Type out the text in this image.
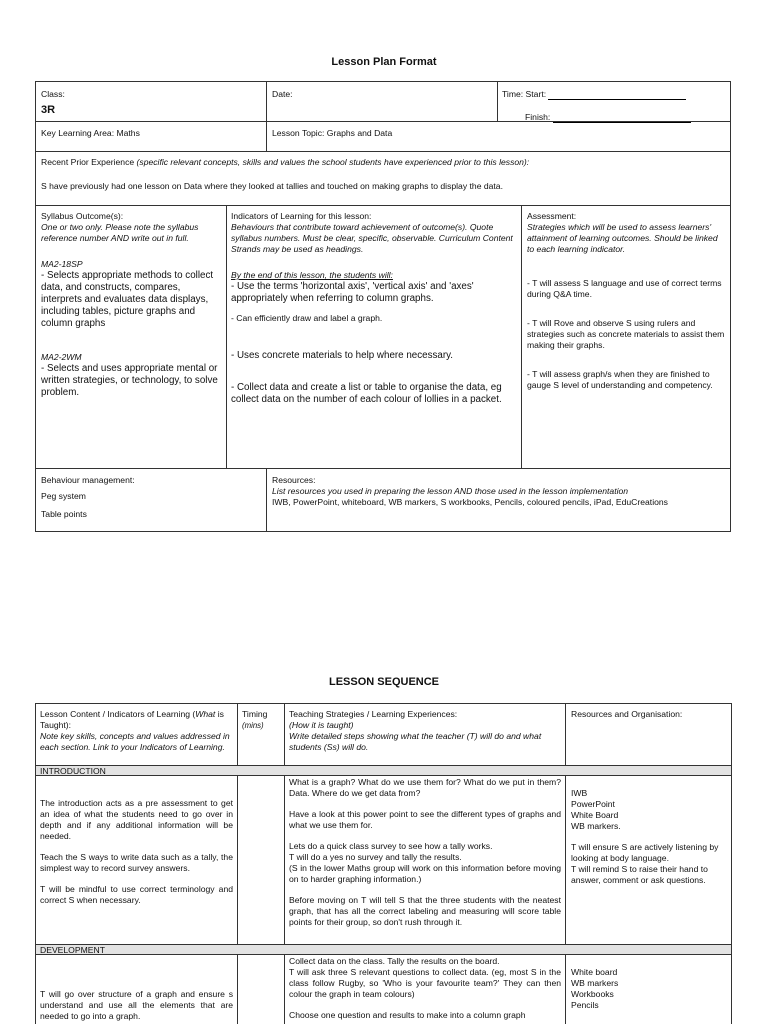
Lesson Plan Format
Class:
3R
Date:	Time: Start:
Finish:
Key Learning Area: Maths	Lesson Topic: Graphs and Data
Recent Prior Experience (specific relevant concepts, skills and values the school students have experienced prior to this lesson):
S have previously had one lesson on Data where they looked at tallies and touched on making graphs to display the data.
Syllabus Outcome(s):
One or two only. Please note the syllabus reference number AND write out in full.
MA2-18SP
- Selects appropriate methods to collect data, and constructs, compares, interprets and evaluates data displays, including tables, picture graphs and column graphs
MA2-2WM
- Selects and uses appropriate mental or written strategies, or technology, to solve problem.
Indicators of Learning for this lesson:
Behaviours that contribute toward achievement of outcome(s). Quote syllabus numbers. Must be clear, specific, observable. Curriculum Content Strands may be used as headings.
By the end of this lesson, the students will:
- Use the terms 'horizontal axis', 'vertical axis' and 'axes' appropriately when referring to column graphs.
- Can efficiently draw and label a graph.
- Uses concrete materials to help where necessary.
- Collect data and create a list or table to organise the data, eg collect data on the number of each colour of lollies in a packet.
Assessment:
Strategies which will be used to assess learners' attainment of learning outcomes. Should be linked to each learning indicator.
- T will assess S language and use of correct terms during Q&A time.
- T will Rove and observe S using rulers and strategies such as concrete materials to assist them making their graphs.
- T will assess graph/s when they are finished to gauge S level of understanding and competency.
Behaviour management:
Peg system
Table points
Resources:
List resources you used in preparing the lesson AND those used in the lesson implementation
IWB, PowerPoint, whiteboard, WB markers, S workbooks, Pencils, coloured pencils, iPad, EduCreations
LESSON SEQUENCE
Lesson Content / Indicators of Learning (What is Taught):
Note key skills, concepts and values addressed in each section. Link to your Indicators of Learning.
Timing
(mins)
Teaching Strategies / Learning Experiences:
(How it is taught)
Write detailed steps showing what the teacher (T) will do and what students (Ss) will do.
Resources and Organisation:
INTRODUCTION
The introduction acts as a pre assessment to get an idea of what the students need to go over in depth and if any additional information will be needed.
Teach the S ways to write data such as a tally, the simplest way to record survey answers.
T will be mindful to use correct terminology and correct S when necessary.
What is a graph? What do we use them for? What do we put in them? Data. Where do we get data from?
Have a look at this power point to see the different types of graphs and what we use them for.
Lets do a quick class survey to see how a tally works.
T will do a yes no survey and tally the results.
(S in the lower Maths group will work on this information before moving on to harder graphing information.)
Before moving on T will tell S that the three students with the neatest graph, that has all the correct labeling and measuring will score table points for their group, so don't rush through it.
IWB
PowerPoint
White Board
WB markers.
T will ensure S are actively listening by looking at body language.
T will remind S to raise their hand to answer, comment or ask questions.
DEVELOPMENT
T will go over structure of a graph and ensure s understand and use all the elements that are needed to go into a graph.
Collect data on the class. Tally the results on the board.
T will ask three S relevant questions to collect data. (eg, most S in the class follow Rugby, so 'Who is your favourite team?' They can then colour the graph in team colours)
Choose one question and results to make into a column graph
White board
WB markers
Workbooks
Pencils
